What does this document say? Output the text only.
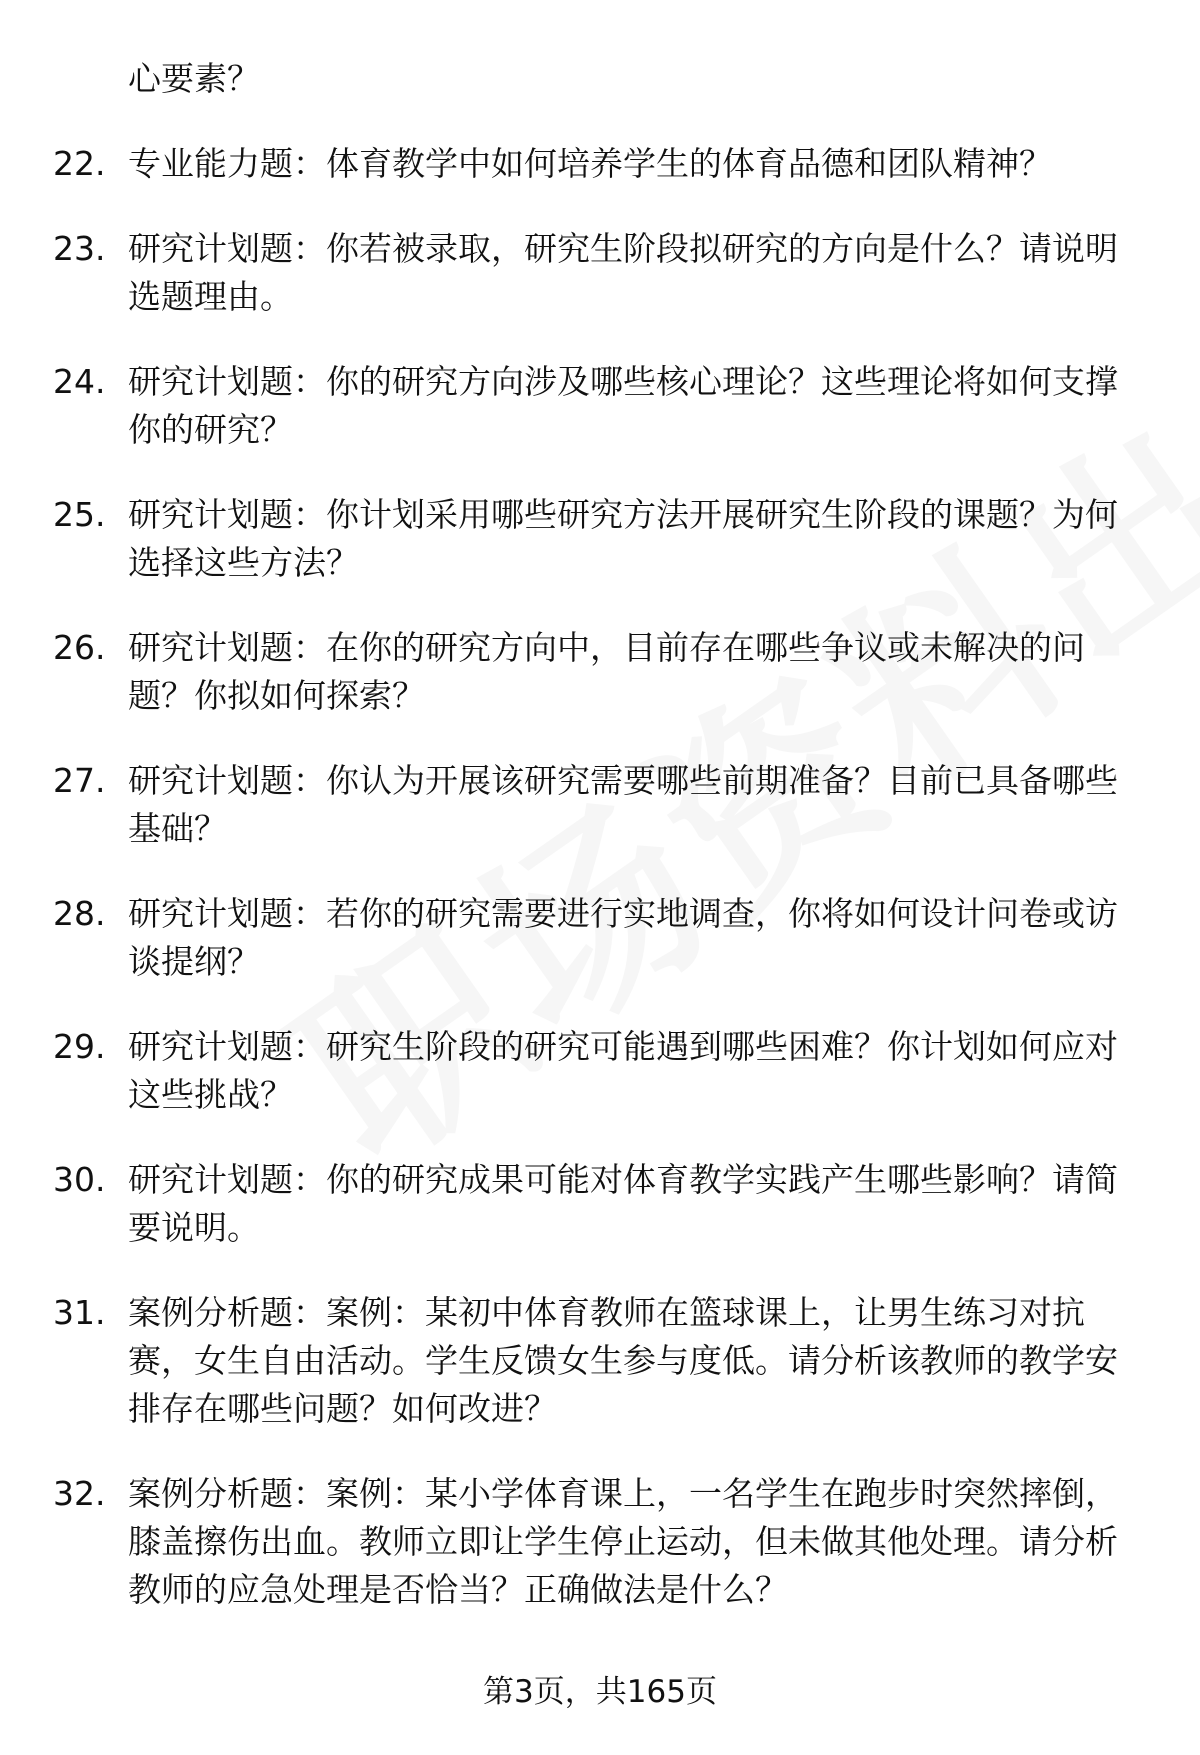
心要素？
22. 专业能力题：体育教学中如何培养学生的体育品德和团队精神？
23. 研究计划题：你若被录取，研究生阶段拟研究的方向是什么？请说明选题理由。
24. 研究计划题：你的研究方向涉及哪些核心理论？这些理论将如何支撑你的研究？
25. 研究计划题：你计划采用哪些研究方法开展研究生阶段的课题？为何选择这些方法？
26. 研究计划题：在你的研究方向中，目前存在哪些争议或未解决的问题？你拟如何探索？
27. 研究计划题：你认为开展该研究需要哪些前期准备？目前已具备哪些基础？
28. 研究计划题：若你的研究需要进行实地调查，你将如何设计问卷或访谈提纲？
29. 研究计划题：研究生阶段的研究可能遇到哪些困难？你计划如何应对这些挑战？
30. 研究计划题：你的研究成果可能对体育教学实践产生哪些影响？请简要说明。
31. 案例分析题：案例：某初中体育教师在篮球课上，让男生练习对抗赛，女生自由活动。学生反馈女生参与度低。请分析该教师的教学安排存在哪些问题？如何改进？
32. 案例分析题：案例：某小学体育课上，一名学生在跑步时突然摔倒，膝盖擦伤出血。教师立即让学生停止运动，但未做其他处理。请分析教师的应急处理是否恰当？正确做法是什么？
第3页，共165页
